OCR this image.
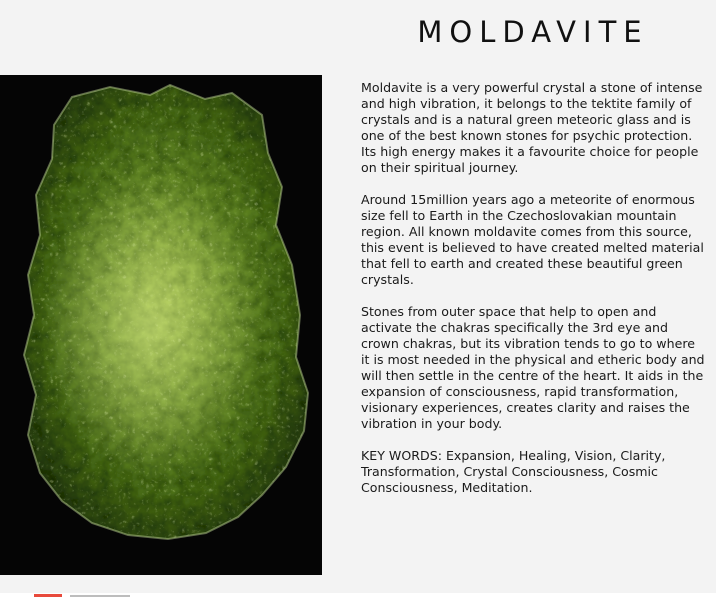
MOLDAVITE

Moldavite is a very powerful crystal a stone of intense and high vibration, it belongs to the tektite family of crystals and is a natural green meteoric glass and is one of the best known stones for psychic protection. Its high energy makes it a favourite choice for people on their spiritual journey.

Around 15million years ago a meteorite of enormous size fell to Earth in the Czechoslovakian mountain region. All known moldavite comes from this source, this event is believed to have created melted material that fell to earth and created these beautiful green crystals.

Stones from outer space that help to open and activate the chakras specifically the 3rd eye and crown chakras, but its vibration tends to go to where it is most needed in the physical and etheric body and will then settle in the centre of the heart. It aids in the expansion of consciousness, rapid transformation, visionary experiences, creates clarity and raises the vibration in your body.

KEY WORDS: Expansion, Healing, Vision, Clarity, Transformation, Crystal Consciousness, Cosmic Consciousness, Meditation.
